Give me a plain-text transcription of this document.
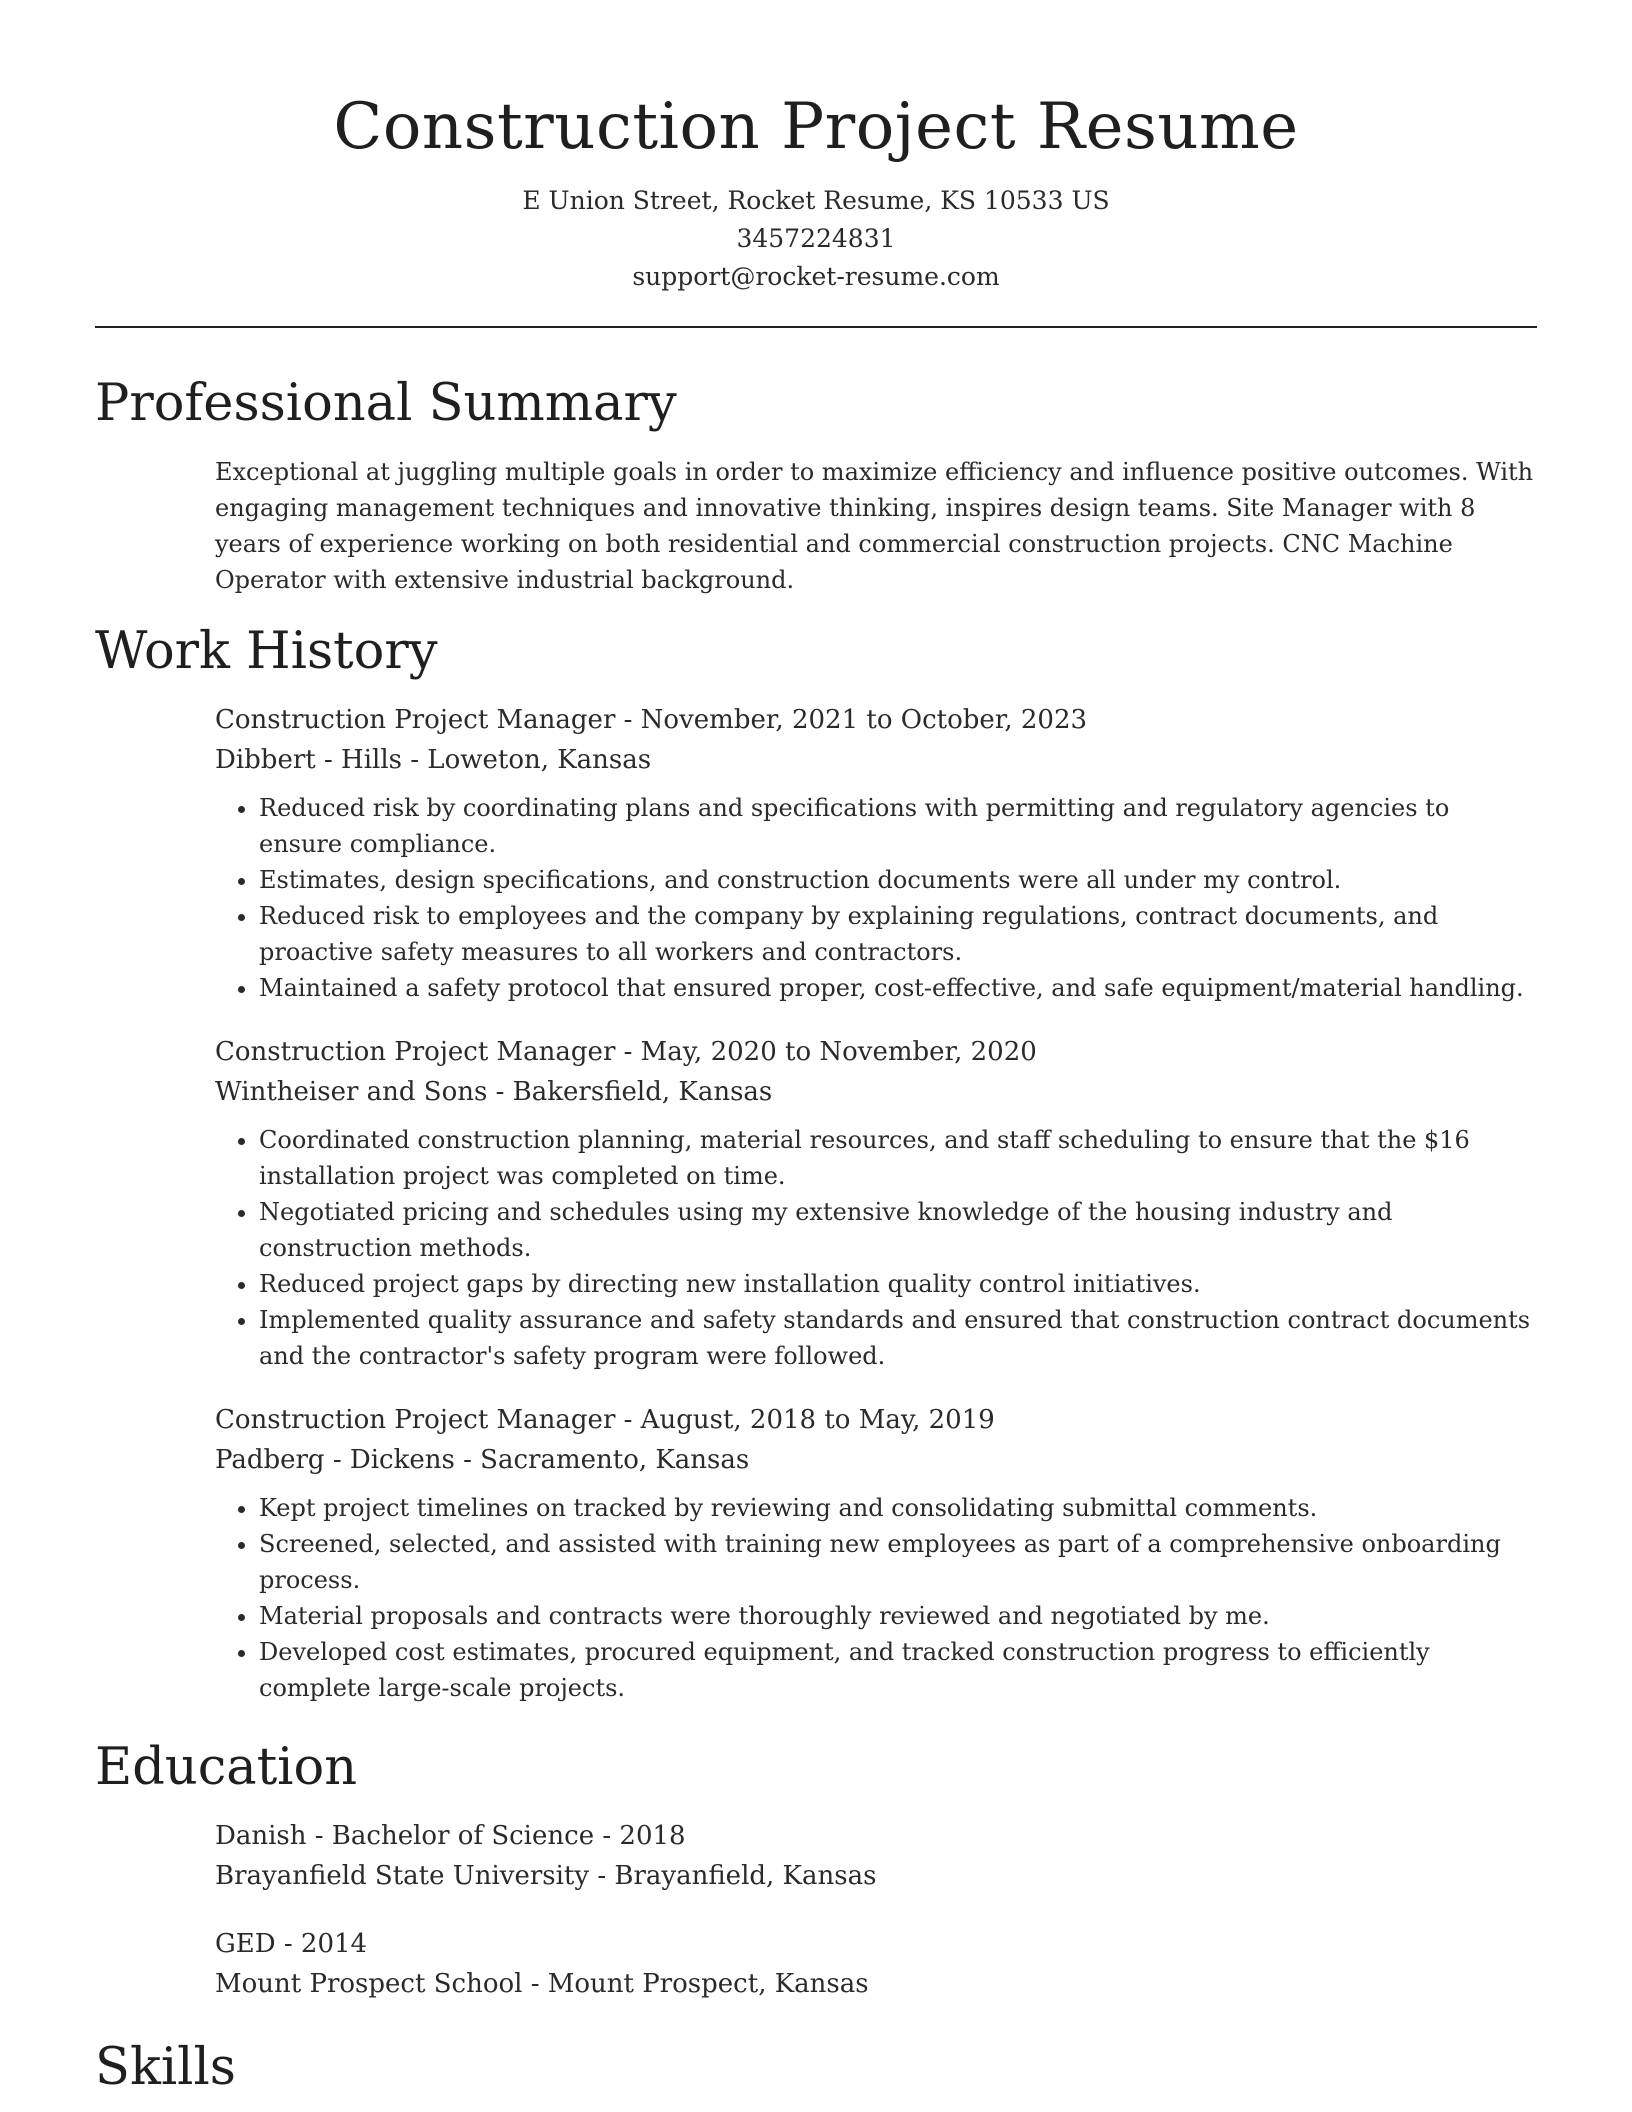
Construction Project Resume
E Union Street, Rocket Resume, KS 10533 US
3457224831
support@rocket-resume.com
Professional Summary

Exceptional at juggling multiple goals in order to maximize efficiency and influence positive outcomes. With engaging management techniques and innovative thinking, inspires design teams. Site Manager with 8 years of experience working on both residential and commercial construction projects. CNC Machine Operator with extensive industrial background.

Work History
Construction Project Manager - November, 2021 to October, 2023
Dibbert - Hills - Loweton, Kansas
• Reduced risk by coordinating plans and specifications with permitting and regulatory agencies to ensure compliance.
• Estimates, design specifications, and construction documents were all under my control.
• Reduced risk to employees and the company by explaining regulations, contract documents, and proactive safety measures to all workers and contractors.
• Maintained a safety protocol that ensured proper, cost-effective, and safe equipment/material handling.
Construction Project Manager - May, 2020 to November, 2020
Wintheiser and Sons - Bakersfield, Kansas
• Coordinated construction planning, material resources, and staff scheduling to ensure that the $16 installation project was completed on time.
• Negotiated pricing and schedules using my extensive knowledge of the housing industry and construction methods.
• Reduced project gaps by directing new installation quality control initiatives.
• Implemented quality assurance and safety standards and ensured that construction contract documents and the contractor's safety program were followed.
Construction Project Manager - August, 2018 to May, 2019
Padberg - Dickens - Sacramento, Kansas
• Kept project timelines on tracked by reviewing and consolidating submittal comments.
• Screened, selected, and assisted with training new employees as part of a comprehensive onboarding process.
• Material proposals and contracts were thoroughly reviewed and negotiated by me.
• Developed cost estimates, procured equipment, and tracked construction progress to efficiently complete large-scale projects.
Education
Danish - Bachelor of Science - 2018
Brayanfield State University - Brayanfield, Kansas
GED - 2014
Mount Prospect School - Mount Prospect, Kansas
Skills
